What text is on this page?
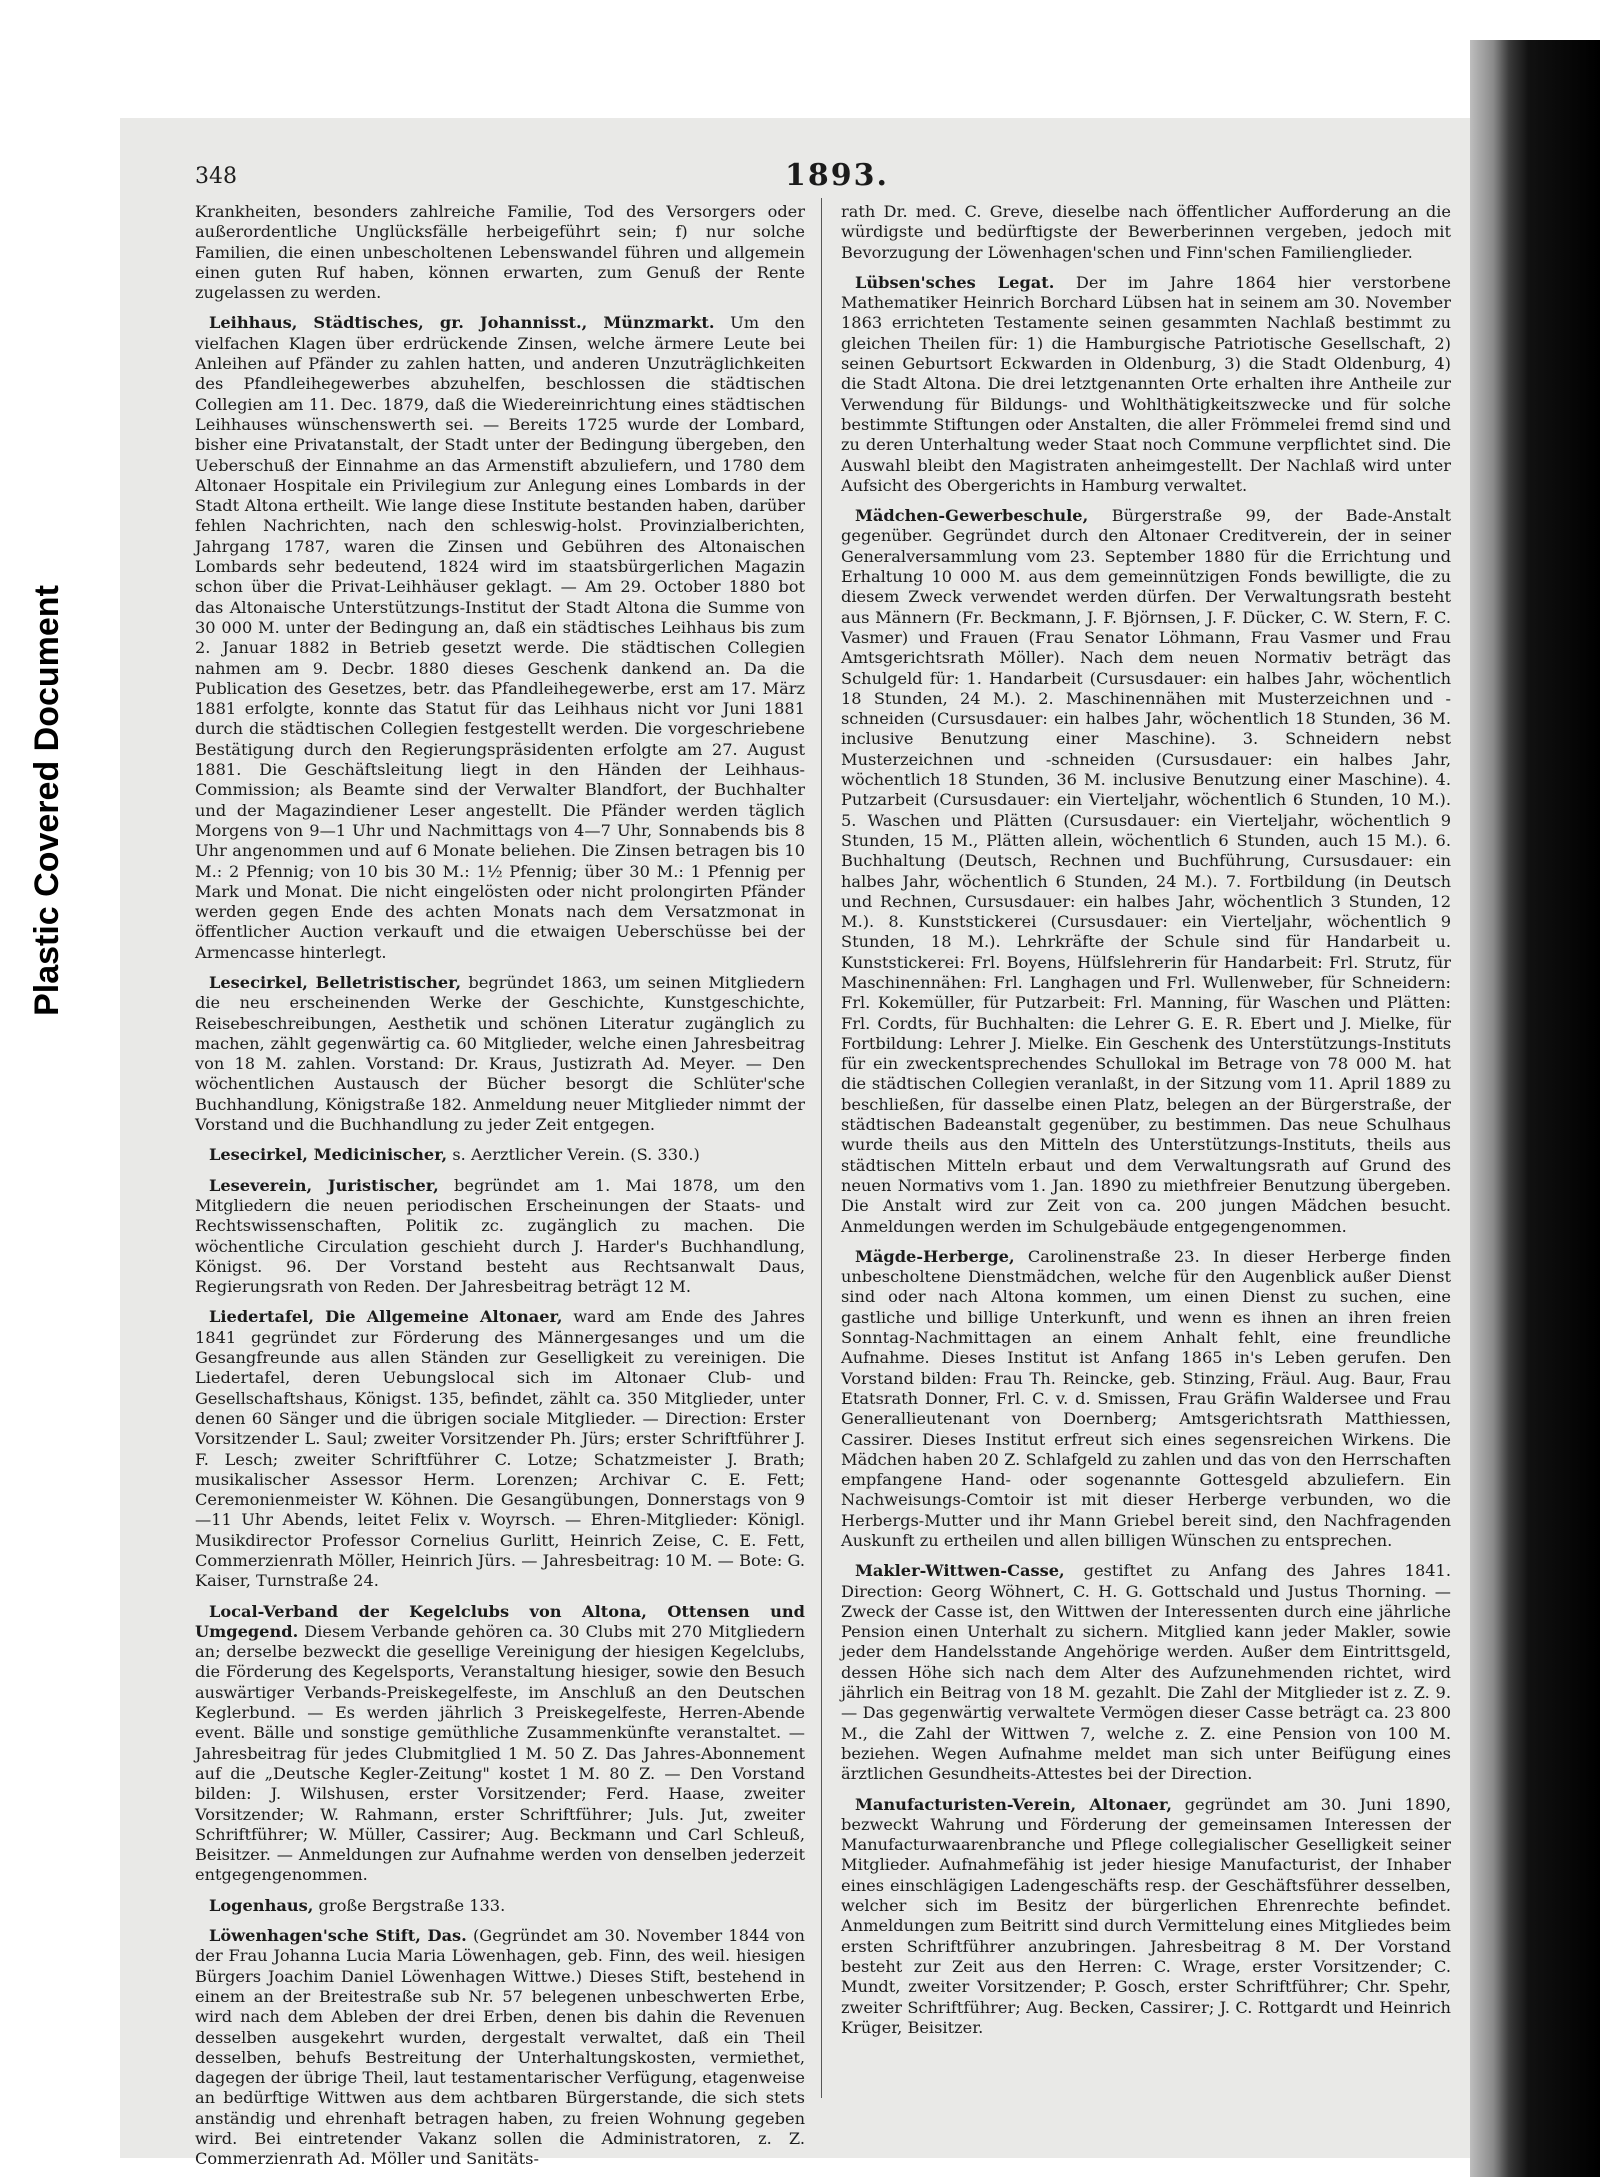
Plastic Covered Document
348	1893.

Krankheiten, besonders zahlreiche Familie, Tod des Versorgers oder außerordentliche Unglücksfälle herbeigeführt sein; f) nur solche Familien, die einen unbescholtenen Lebenswandel führen und allgemein einen guten Ruf haben, können erwarten, zum Genuß der Rente zugelassen zu werden.

Leihhaus, Städtisches, gr. Johannisst., Münzmarkt. Um den vielfachen Klagen über erdrückende Zinsen, welche ärmere Leute bei Anleihen auf Pfänder zu zahlen hatten, und anderen Unzuträglichkeiten des Pfandleihegewerbes abzuhelfen, beschlossen die städtischen Collegien am 11. Dec. 1879, daß die Wiedereinrichtung eines städtischen Leihhauses wünschenswerth sei. — Bereits 1725 wurde der Lombard, bisher eine Privatanstalt, der Stadt unter der Bedingung übergeben, den Ueberschuß der Einnahme an das Armenstift abzuliefern, und 1780 dem Altonaer Hospitale ein Privilegium zur Anlegung eines Lombards in der Stadt Altona ertheilt. Wie lange diese Institute bestanden haben, darüber fehlen Nachrichten, nach den schleswig-holst. Provinzialberichten, Jahrgang 1787, waren die Zinsen und Gebühren des Altonaischen Lombards sehr bedeutend, 1824 wird im staatsbürgerlichen Magazin schon über die Privat-Leihhäuser geklagt. — Am 29. October 1880 bot das Altonaische Unterstützungs-Institut der Stadt Altona die Summe von 30 000 M. unter der Bedingung an, daß ein städtisches Leihhaus bis zum 2. Januar 1882 in Betrieb gesetzt werde. Die städtischen Collegien nahmen am 9. Decbr. 1880 dieses Geschenk dankend an. Da die Publication des Gesetzes, betr. das Pfandleihegewerbe, erst am 17. März 1881 erfolgte, konnte das Statut für das Leihhaus nicht vor Juni 1881 durch die städtischen Collegien festgestellt werden. Die vorgeschriebene Bestätigung durch den Regierungspräsidenten erfolgte am 27. August 1881. Die Geschäftsleitung liegt in den Händen der Leihhaus-Commission; als Beamte sind der Verwalter Blandfort, der Buchhalter und der Magazindiener Leser angestellt. Die Pfänder werden täglich Morgens von 9—1 Uhr und Nachmittags von 4—7 Uhr, Sonnabends bis 8 Uhr angenommen und auf 6 Monate beliehen. Die Zinsen betragen bis 10 M.: 2 Pfennig; von 10 bis 30 M.: 1½ Pfennig; über 30 M.: 1 Pfennig per Mark und Monat. Die nicht eingelösten oder nicht prolongirten Pfänder werden gegen Ende des achten Monats nach dem Versatzmonat in öffentlicher Auction verkauft und die etwaigen Ueberschüsse bei der Armencasse hinterlegt.

Lesecirkel, Belletristischer, begründet 1863, um seinen Mitgliedern die neu erscheinenden Werke der Geschichte, Kunstgeschichte, Reisebeschreibungen, Aesthetik und schönen Literatur zugänglich zu machen, zählt gegenwärtig ca. 60 Mitglieder, welche einen Jahresbeitrag von 18 M. zahlen. Vorstand: Dr. Kraus, Justizrath Ad. Meyer. — Den wöchentlichen Austausch der Bücher besorgt die Schlüter'sche Buchhandlung, Königstraße 182. Anmeldung neuer Mitglieder nimmt der Vorstand und die Buchhandlung zu jeder Zeit entgegen.

Lesecirkel, Medicinischer, s. Aerztlicher Verein. (S. 330.)

Leseverein, Juristischer, begründet am 1. Mai 1878, um den Mitgliedern die neuen periodischen Erscheinungen der Staats- und Rechtswissenschaften, Politik zc. zugänglich zu machen. Die wöchentliche Circulation geschieht durch J. Harder's Buchhandlung, Königst. 96. Der Vorstand besteht aus Rechtsanwalt Daus, Regierungsrath von Reden. Der Jahresbeitrag beträgt 12 M.

Liedertafel, Die Allgemeine Altonaer, ward am Ende des Jahres 1841 gegründet zur Förderung des Männergesanges und um die Gesangfreunde aus allen Ständen zur Geselligkeit zu vereinigen. Die Liedertafel, deren Uebungslocal sich im Altonaer Club- und Gesellschaftshaus, Königst. 135, befindet, zählt ca. 350 Mitglieder, unter denen 60 Sänger und die übrigen sociale Mitglieder. — Direction: Erster Vorsitzender L. Saul; zweiter Vorsitzender Ph. Jürs; erster Schriftführer J. F. Lesch; zweiter Schriftführer C. Lotze; Schatzmeister J. Brath; musikalischer Assessor Herm. Lorenzen; Archivar C. E. Fett; Ceremonienmeister W. Köhnen. Die Gesangübungen, Donnerstags von 9—11 Uhr Abends, leitet Felix v. Woyrsch. — Ehren-Mitglieder: Königl. Musikdirector Professor Cornelius Gurlitt, Heinrich Zeise, C. E. Fett, Commerzienrath Möller, Heinrich Jürs. — Jahresbeitrag: 10 M. — Bote: G. Kaiser, Turnstraße 24.

Local-Verband der Kegelclubs von Altona, Ottensen und Umgegend. Diesem Verbande gehören ca. 30 Clubs mit 270 Mitgliedern an; derselbe bezweckt die gesellige Vereinigung der hiesigen Kegelclubs, die Förderung des Kegelsports, Veranstaltung hiesiger, sowie den Besuch auswärtiger Verbands-Preiskegelfeste, im Anschluß an den Deutschen Keglerbund. — Es werden jährlich 3 Preiskegelfeste, Herren-Abende event. Bälle und sonstige gemüthliche Zusammenkünfte veranstaltet. — Jahresbeitrag für jedes Clubmitglied 1 M. 50 Z. Das Jahres-Abonnement auf die „Deutsche Kegler-Zeitung" kostet 1 M. 80 Z. — Den Vorstand bilden: J. Wilshusen, erster Vorsitzender; Ferd. Haase, zweiter Vorsitzender; W. Rahmann, erster Schriftführer; Juls. Jut, zweiter Schriftführer; W. Müller, Cassirer; Aug. Beckmann und Carl Schleuß, Beisitzer. — Anmeldungen zur Aufnahme werden von denselben jederzeit entgegengenommen.

Logenhaus, große Bergstraße 133.

Löwenhagen'sche Stift, Das. (Gegründet am 30. November 1844 von der Frau Johanna Lucia Maria Löwenhagen, geb. Finn, des weil. hiesigen Bürgers Joachim Daniel Löwenhagen Wittwe.) Dieses Stift, bestehend in einem an der Breitestraße sub Nr. 57 belegenen unbeschwerten Erbe, wird nach dem Ableben der drei Erben, denen bis dahin die Revenuen desselben ausgekehrt wurden, dergestalt verwaltet, daß ein Theil desselben, behufs Bestreitung der Unterhaltungskosten, vermiethet, dagegen der übrige Theil, laut testamentarischer Verfügung, etagenweise an bedürftige Wittwen aus dem achtbaren Bürgerstande, die sich stets anständig und ehrenhaft betragen haben, zu freien Wohnung gegeben wird. Bei eintretender Vakanz sollen die Administratoren, z. Z. Commerzienrath Ad. Möller und Sanitäts-

rath Dr. med. C. Greve, dieselbe nach öffentlicher Aufforderung an die würdigste und bedürftigste der Bewerberinnen vergeben, jedoch mit Bevorzugung der Löwenhagen'schen und Finn'schen Familienglieder.

Lübsen'sches Legat. Der im Jahre 1864 hier verstorbene Mathematiker Heinrich Borchard Lübsen hat in seinem am 30. November 1863 errichteten Testamente seinen gesammten Nachlaß bestimmt zu gleichen Theilen für: 1) die Hamburgische Patriotische Gesellschaft, 2) seinen Geburtsort Eckwarden in Oldenburg, 3) die Stadt Oldenburg, 4) die Stadt Altona. Die drei letztgenannten Orte erhalten ihre Antheile zur Verwendung für Bildungs- und Wohlthätigkeitszwecke und für solche bestimmte Stiftungen oder Anstalten, die aller Frömmelei fremd sind und zu deren Unterhaltung weder Staat noch Commune verpflichtet sind. Die Auswahl bleibt den Magistraten anheimgestellt. Der Nachlaß wird unter Aufsicht des Obergerichts in Hamburg verwaltet.

Mädchen-Gewerbeschule, Bürgerstraße 99, der Bade-Anstalt gegenüber. Gegründet durch den Altonaer Creditverein, der in seiner Generalversammlung vom 23. September 1880 für die Errichtung und Erhaltung 10 000 M. aus dem gemeinnützigen Fonds bewilligte, die zu diesem Zweck verwendet werden dürfen. Der Verwaltungsrath besteht aus Männern (Fr. Beckmann, J. F. Björnsen, J. F. Dücker, C. W. Stern, F. C. Vasmer) und Frauen (Frau Senator Löhmann, Frau Vasmer und Frau Amtsgerichtsrath Möller). Nach dem neuen Normativ beträgt das Schulgeld für: 1. Handarbeit (Cursusdauer: ein halbes Jahr, wöchentlich 18 Stunden, 24 M.). 2. Maschinennähen mit Musterzeichnen und -schneiden (Cursusdauer: ein halbes Jahr, wöchentlich 18 Stunden, 36 M. inclusive Benutzung einer Maschine). 3. Schneidern nebst Musterzeichnen und -schneiden (Cursusdauer: ein halbes Jahr, wöchentlich 18 Stunden, 36 M. inclusive Benutzung einer Maschine). 4. Putzarbeit (Cursusdauer: ein Vierteljahr, wöchentlich 6 Stunden, 10 M.). 5. Waschen und Plätten (Cursusdauer: ein Vierteljahr, wöchentlich 9 Stunden, 15 M., Plätten allein, wöchentlich 6 Stunden, auch 15 M.). 6. Buchhaltung (Deutsch, Rechnen und Buchführung, Cursusdauer: ein halbes Jahr, wöchentlich 6 Stunden, 24 M.). 7. Fortbildung (in Deutsch und Rechnen, Cursusdauer: ein halbes Jahr, wöchentlich 3 Stunden, 12 M.). 8. Kunststickerei (Cursusdauer: ein Vierteljahr, wöchentlich 9 Stunden, 18 M.). Lehrkräfte der Schule sind für Handarbeit u. Kunststickerei: Frl. Boyens, Hülfslehrerin für Handarbeit: Frl. Strutz, für Maschinennähen: Frl. Langhagen und Frl. Wullenweber, für Schneidern: Frl. Kokemüller, für Putzarbeit: Frl. Manning, für Waschen und Plätten: Frl. Cordts, für Buchhalten: die Lehrer G. E. R. Ebert und J. Mielke, für Fortbildung: Lehrer J. Mielke. Ein Geschenk des Unterstützungs-Instituts für ein zweckentsprechendes Schullokal im Betrage von 78 000 M. hat die städtischen Collegien veranlaßt, in der Sitzung vom 11. April 1889 zu beschließen, für dasselbe einen Platz, belegen an der Bürgerstraße, der städtischen Badeanstalt gegenüber, zu bestimmen. Das neue Schulhaus wurde theils aus den Mitteln des Unterstützungs-Instituts, theils aus städtischen Mitteln erbaut und dem Verwaltungsrath auf Grund des neuen Normativs vom 1. Jan. 1890 zu miethfreier Benutzung übergeben. Die Anstalt wird zur Zeit von ca. 200 jungen Mädchen besucht. Anmeldungen werden im Schulgebäude entgegengenommen.

Mägde-Herberge, Carolinenstraße 23. In dieser Herberge finden unbescholtene Dienstmädchen, welche für den Augenblick außer Dienst sind oder nach Altona kommen, um einen Dienst zu suchen, eine gastliche und billige Unterkunft, und wenn es ihnen an ihren freien Sonntag-Nachmittagen an einem Anhalt fehlt, eine freundliche Aufnahme. Dieses Institut ist Anfang 1865 in's Leben gerufen. Den Vorstand bilden: Frau Th. Reincke, geb. Stinzing, Fräul. Aug. Baur, Frau Etatsrath Donner, Frl. C. v. d. Smissen, Frau Gräfin Waldersee und Frau Generallieutenant von Doernberg; Amtsgerichtsrath Matthiessen, Cassirer. Dieses Institut erfreut sich eines segensreichen Wirkens. Die Mädchen haben 20 Z. Schlafgeld zu zahlen und das von den Herrschaften empfangene Hand- oder sogenannte Gottesgeld abzuliefern. Ein Nachweisungs-Comtoir ist mit dieser Herberge verbunden, wo die Herbergs-Mutter und ihr Mann Griebel bereit sind, den Nachfragenden Auskunft zu ertheilen und allen billigen Wünschen zu entsprechen.

Makler-Wittwen-Casse, gestiftet zu Anfang des Jahres 1841. Direction: Georg Wöhnert, C. H. G. Gottschald und Justus Thorning. — Zweck der Casse ist, den Wittwen der Interessenten durch eine jährliche Pension einen Unterhalt zu sichern. Mitglied kann jeder Makler, sowie jeder dem Handelsstande Angehörige werden. Außer dem Eintrittsgeld, dessen Höhe sich nach dem Alter des Aufzunehmenden richtet, wird jährlich ein Beitrag von 18 M. gezahlt. Die Zahl der Mitglieder ist z. Z. 9. — Das gegenwärtig verwaltete Vermögen dieser Casse beträgt ca. 23 800 M., die Zahl der Wittwen 7, welche z. Z. eine Pension von 100 M. beziehen. Wegen Aufnahme meldet man sich unter Beifügung eines ärztlichen Gesundheits-Attestes bei der Direction.

Manufacturisten-Verein, Altonaer, gegründet am 30. Juni 1890, bezweckt Wahrung und Förderung der gemeinsamen Interessen der Manufacturwaarenbranche und Pflege collegialischer Geselligkeit seiner Mitglieder. Aufnahmefähig ist jeder hiesige Manufacturist, der Inhaber eines einschlägigen Ladengeschäfts resp. der Geschäftsführer desselben, welcher sich im Besitz der bürgerlichen Ehrenrechte befindet. Anmeldungen zum Beitritt sind durch Vermittelung eines Mitgliedes beim ersten Schriftführer anzubringen. Jahresbeitrag 8 M. Der Vorstand besteht zur Zeit aus den Herren: C. Wrage, erster Vorsitzender; C. Mundt, zweiter Vorsitzender; P. Gosch, erster Schriftführer; Chr. Spehr, zweiter Schriftführer; Aug. Becken, Cassirer; J. C. Rottgardt und Heinrich Krüger, Beisitzer.
